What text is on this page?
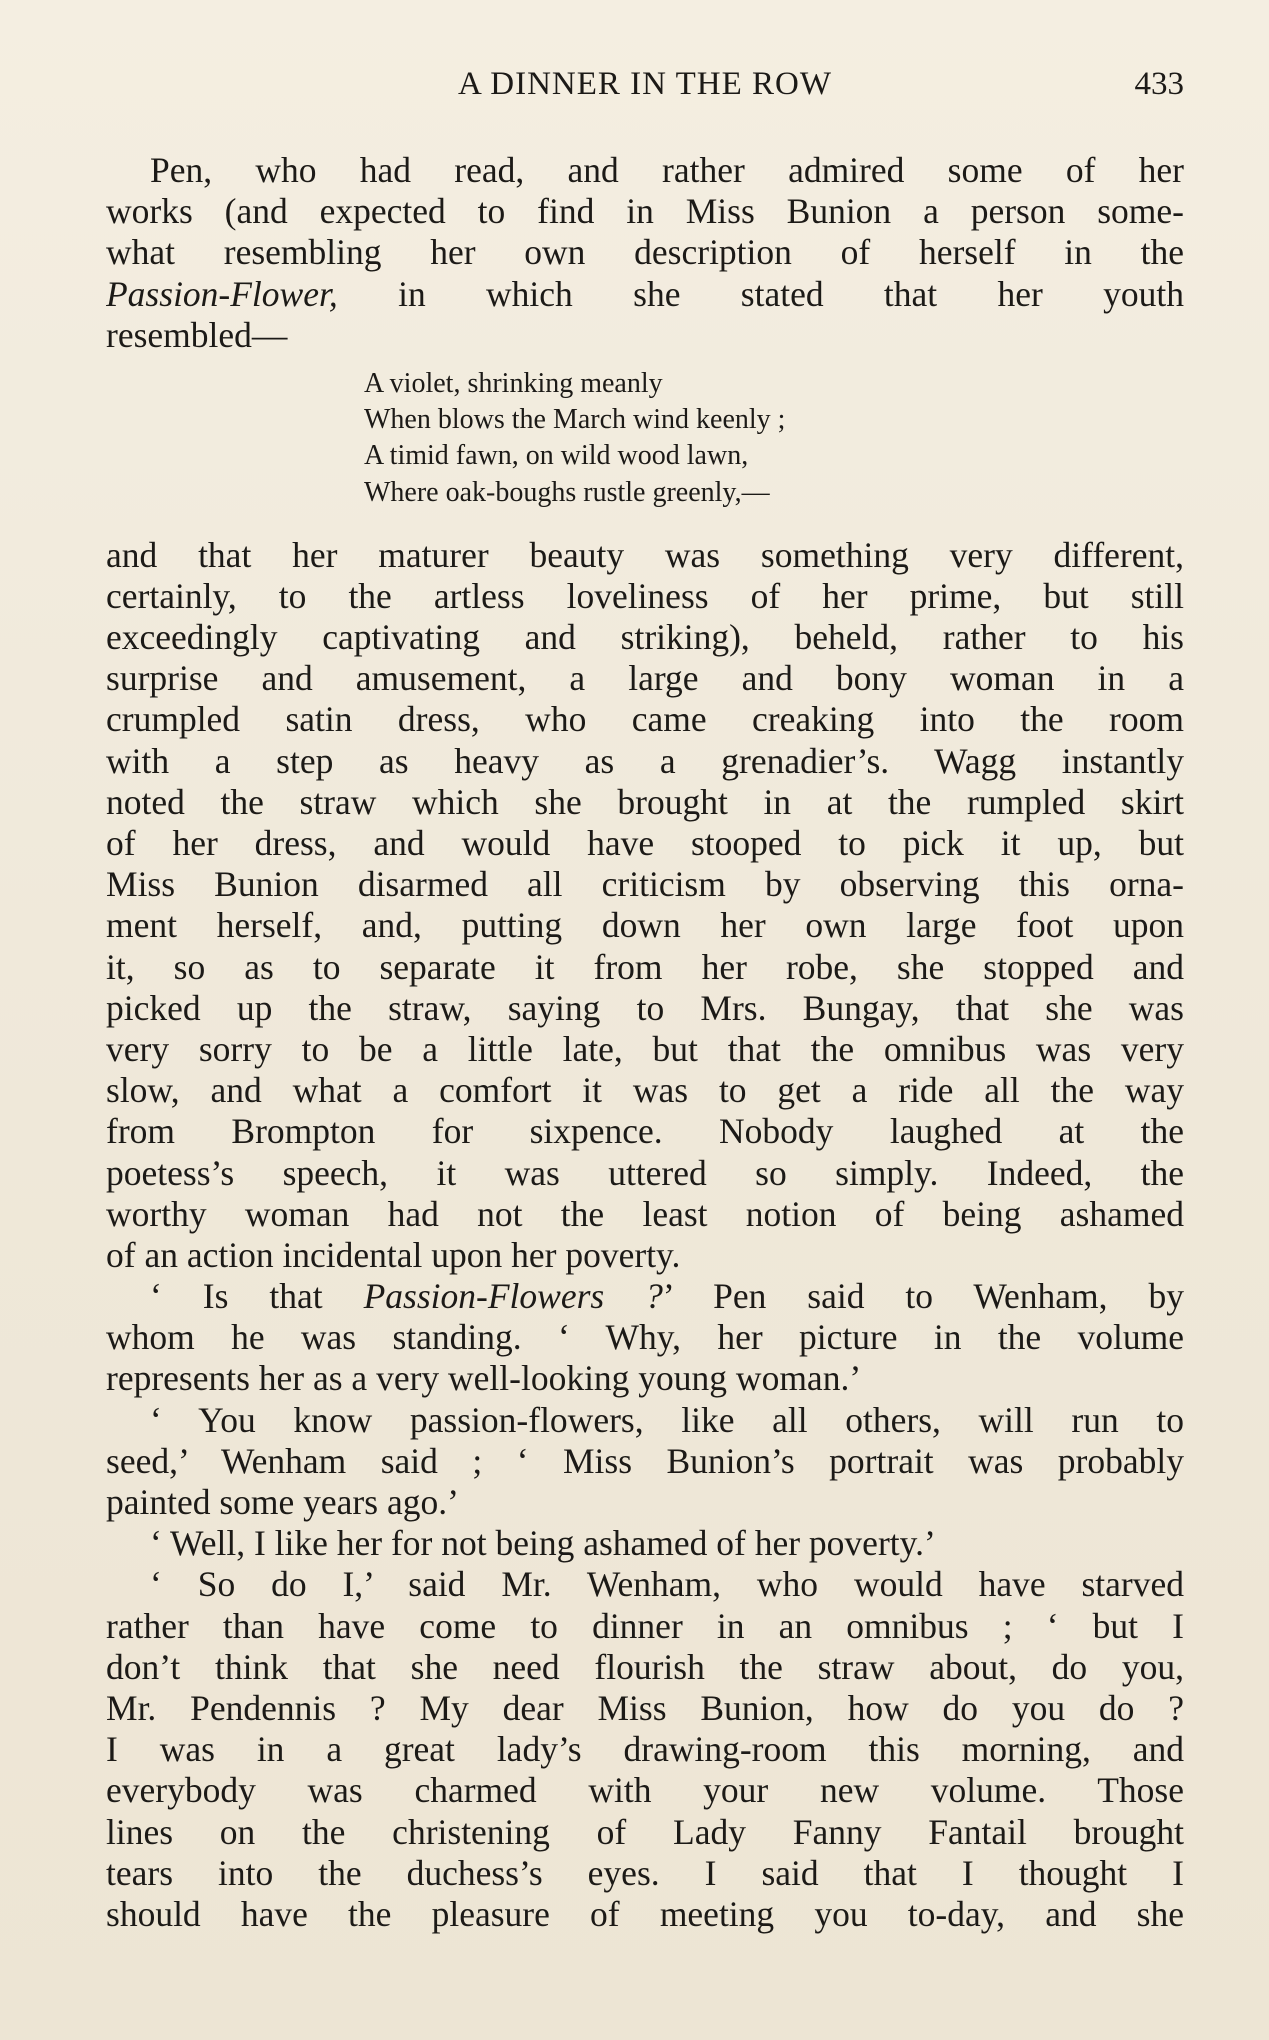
A DINNER IN THE ROW	433
Pen, who had read, and rather admired some of her
works (and expected to find in Miss Bunion a person some-
what resembling her own description of herself in the
Passion-Flower, in which she stated that her youth
resembled—
A violet, shrinking meanly
When blows the March wind keenly ;
A timid fawn, on wild wood lawn,
Where oak-boughs rustle greenly,—
and that her maturer beauty was something very different,
certainly, to the artless loveliness of her prime, but still
exceedingly captivating and striking), beheld, rather to his
surprise and amusement, a large and bony woman in a
crumpled satin dress, who came creaking into the room
with a step as heavy as a grenadier’s. Wagg instantly
noted the straw which she brought in at the rumpled skirt
of her dress, and would have stooped to pick it up, but
Miss Bunion disarmed all criticism by observing this orna-
ment herself, and, putting down her own large foot upon
it, so as to separate it from her robe, she stopped and
picked up the straw, saying to Mrs. Bungay, that she was
very sorry to be a little late, but that the omnibus was very
slow, and what a comfort it was to get a ride all the way
from Brompton for sixpence. Nobody laughed at the
poetess’s speech, it was uttered so simply. Indeed, the
worthy woman had not the least notion of being ashamed
of an action incidental upon her poverty.
‘ Is that Passion-Flowers ?’ Pen said to Wenham, by
whom he was standing. ‘ Why, her picture in the volume
represents her as a very well-looking young woman.’
‘ You know passion-flowers, like all others, will run to
seed,’ Wenham said ; ‘ Miss Bunion’s portrait was probably
painted some years ago.’
‘ Well, I like her for not being ashamed of her poverty.’
‘ So do I,’ said Mr. Wenham, who would have starved
rather than have come to dinner in an omnibus ; ‘ but I
don’t think that she need flourish the straw about, do you,
Mr. Pendennis ? My dear Miss Bunion, how do you do ?
I was in a great lady’s drawing-room this morning, and
everybody was charmed with your new volume. Those
lines on the christening of Lady Fanny Fantail brought
tears into the duchess’s eyes. I said that I thought I
should have the pleasure of meeting you to-day, and she
